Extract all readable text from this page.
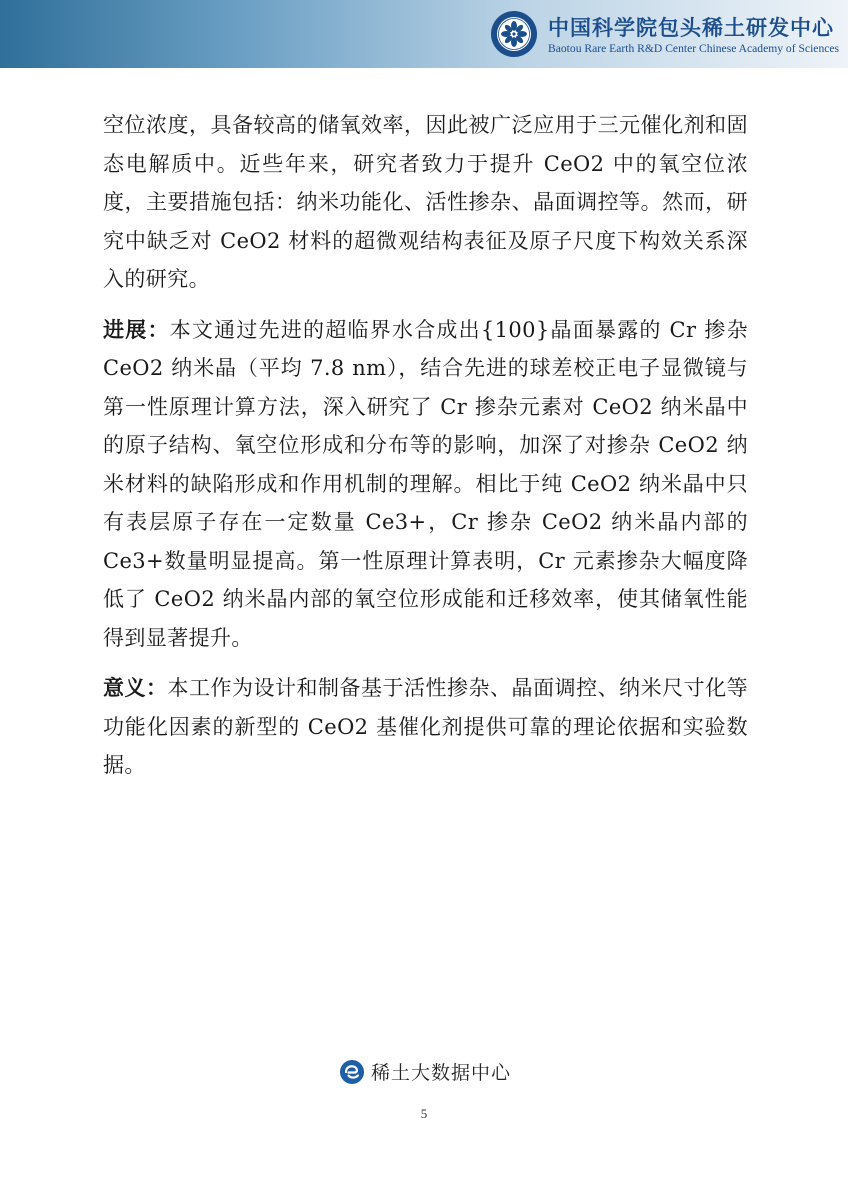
中国科学院包头稀土研发中心
Baotou Rare Earth R&D Center Chinese Academy of Sciences

空位浓度，具备较高的储氧效率，因此被广泛应用于三元催化剂和固态电解质中。近些年来，研究者致力于提升 CeO2 中的氧空位浓度，主要措施包括：纳米功能化、活性掺杂、晶面调控等。然而，研究中缺乏对 CeO2 材料的超微观结构表征及原子尺度下构效关系深入的研究。

进展：本文通过先进的超临界水合成出{100}晶面暴露的 Cr 掺杂 CeO2 纳米晶（平均 7.8 nm），结合先进的球差校正电子显微镜与第一性原理计算方法，深入研究了 Cr 掺杂元素对 CeO2 纳米晶中的原子结构、氧空位形成和分布等的影响，加深了对掺杂 CeO2 纳米材料的缺陷形成和作用机制的理解。相比于纯 CeO2 纳米晶中只有表层原子存在一定数量 Ce3+，Cr 掺杂 CeO2 纳米晶内部的 Ce3+数量明显提高。第一性原理计算表明，Cr 元素掺杂大幅度降低了 CeO2 纳米晶内部的氧空位形成能和迁移效率，使其储氧性能得到显著提升。

意义：本工作为设计和制备基于活性掺杂、晶面调控、纳米尺寸化等功能化因素的新型的 CeO2 基催化剂提供可靠的理论依据和实验数据。

稀土大数据中心
5
